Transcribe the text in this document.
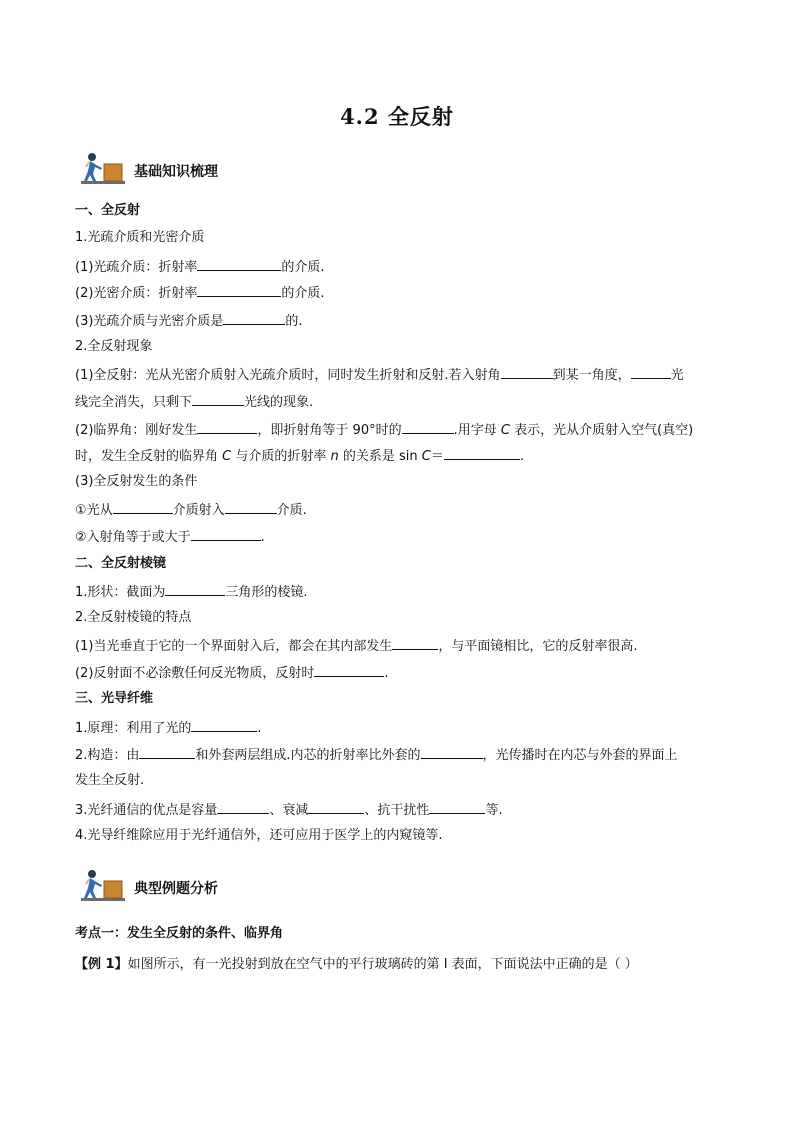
4.2 全反射
基础知识梳理
一、全反射
1.光疏介质和光密介质
(1)光疏介质：折射率	的介质.
(2)光密介质：折射率	的介质.
(3)光疏介质与光密介质是	的.
2.全反射现象
(1)全反射：光从光密介质射入光疏介质时，同时发生折射和反射.若入射角	到某一角度，	光
线完全消失，只剩下	光线的现象.
(2)临界角：刚好发生	，即折射角等于 90°时的	.用字母 C 表示，光从介质射入空气(真空)
时，发生全反射的临界角 C 与介质的折射率 n 的关系是 sin C＝	.
(3)全反射发生的条件
①光从	介质射入	介质.
②入射角等于或大于	.
二、全反射棱镜
1.形状：截面为	三角形的棱镜.
2.全反射棱镜的特点
(1)当光垂直于它的一个界面射入后，都会在其内部发生	，与平面镜相比，它的反射率很高.
(2)反射面不必涂敷任何反光物质，反射时	.
三、光导纤维
1.原理：利用了光的	.
2.构造：由	和外套两层组成.内芯的折射率比外套的	，光传播时在内芯与外套的界面上
发生全反射.
3.光纤通信的优点是容量	、衰减	、抗干扰性	等.
4.光导纤维除应用于光纤通信外，还可应用于医学上的内窥镜等.
典型例题分析
考点一：发生全反射的条件、临界角
【例 1】如图所示，有一光投射到放在空气中的平行玻璃砖的第 I 表面，下面说法中正确的是（ ）
